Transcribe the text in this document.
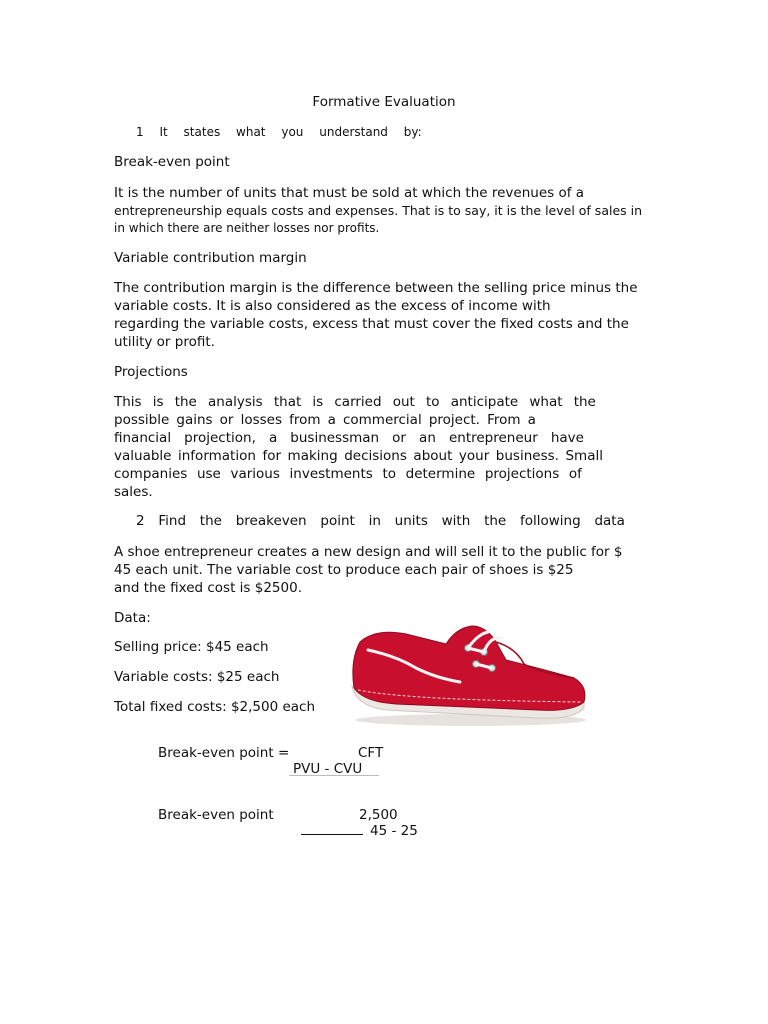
Formative Evaluation
1 It states what you understand by:
Break-even point
It is the number of units that must be sold at which the revenues of a
entrepreneurship equals costs and expenses. That is to say, it is the level of sales in
in which there are neither losses nor profits.
Variable contribution margin
The contribution margin is the difference between the selling price minus the
variable costs. It is also considered as the excess of income with
regarding the variable costs, excess that must cover the fixed costs and the
utility or profit.
Projections
This is the analysis that is carried out to anticipate what the
possible gains or losses from a commercial project. From a
financial projection, a businessman or an entrepreneur have
valuable information for making decisions about your business. Small
companies use various investments to determine projections of
sales.
2 Find the breakeven point in units with the following data
A shoe entrepreneur creates a new design and will sell it to the public for $
45 each unit. The variable cost to produce each pair of shoes is $25
and the fixed cost is $2500.
Data:
Selling price: $45 each
Variable costs: $25 each
Total fixed costs: $2,500 each
Break-even point =	CFT
PVU - CVU
Break-even point	2,500
45 - 25
